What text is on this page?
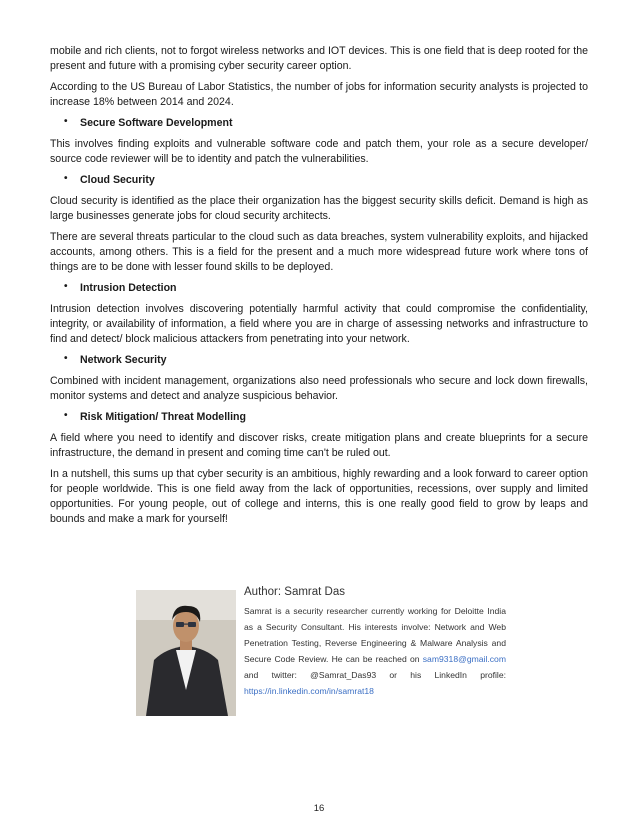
mobile and rich clients, not to forgot wireless networks and IOT devices. This is one field that is deep rooted for the present and future with a promising cyber security career option.

According to the US Bureau of Labor Statistics, the number of jobs for information security analysts is projected to increase 18% between 2014 and 2024.

• Secure Software Development

This involves finding exploits and vulnerable software code and patch them, your role as a secure developer/ source code reviewer will be to identity and patch the vulnerabilities.

• Cloud Security

Cloud security is identified as the place their organization has the biggest security skills deficit. Demand is high as large businesses generate jobs for cloud security architects.

There are several threats particular to the cloud such as data breaches, system vulnerability exploits, and hijacked accounts, among others. This is a field for the present and a much more widespread future work where tons of things are to be done with lesser found skills to be deployed.

• Intrusion Detection

Intrusion detection involves discovering potentially harmful activity that could compromise the confidentiality, integrity, or availability of information, a field where you are in charge of assessing networks and infrastructure to find and detect/ block malicious attackers from penetrating into your network.

• Network Security

Combined with incident management, organizations also need professionals who secure and lock down firewalls, monitor systems and detect and analyze suspicious behavior.

• Risk Mitigation/ Threat Modelling

A field where you need to identify and discover risks, create mitigation plans and create blueprints for a secure infrastructure, the demand in present and coming time can't be ruled out.

In a nutshell, this sums up that cyber security is an ambitious, highly rewarding and a look forward to career option for people worldwide. This is one field away from the lack of opportunities, recessions, over supply and limited opportunities. For young people, out of college and interns, this is one really good field to grow by leaps and bounds and make a mark for yourself!

Author: Samrat Das
Samrat is a security researcher currently working for Deloitte India as a Security Consultant. His interests involve: Network and Web Penetration Testing, Reverse Engineering & Malware Analysis and Secure Code Review. He can be reached on sam9318@gmail.com and twitter: @Samrat_Das93 or his LinkedIn profile: https://in.linkedin.com/in/samrat18
16
